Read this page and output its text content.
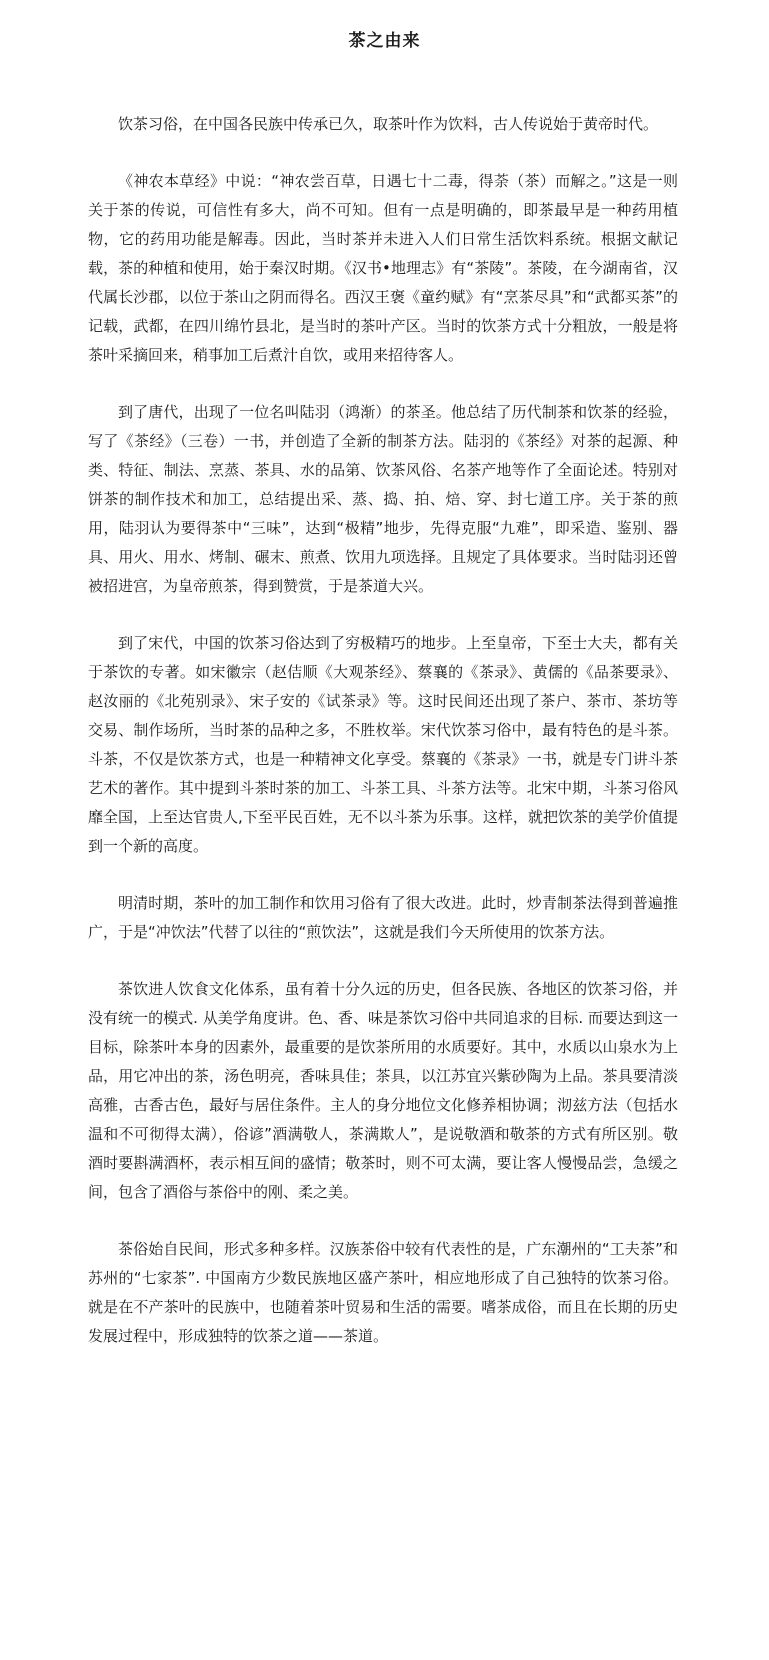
茶之由来

饮茶习俗，在中国各民族中传承已久，取茶叶作为饮料，古人传说始于黄帝时代。

《神农本草经》中说：“神农尝百草，日遇七十二毒，得荼（茶）而解之。”这是一则关于茶的传说，可信性有多大，尚不可知。但有一点是明确的，即茶最早是一种药用植物，它的药用功能是解毒。因此，当时茶并未进入人们日常生活饮料系统。根据文献记载，茶的种植和使用，始于秦汉时期。《汉书•地理志》有“茶陵”。茶陵，在今湖南省，汉代属长沙郡，以位于茶山之阴而得名。西汉王褒《童约赋》有“烹茶尽具”和“武都买茶”的记载，武都，在四川绵竹县北，是当时的茶叶产区。当时的饮茶方式十分粗放，一般是将茶叶采摘回来，稍事加工后煮汁自饮，或用来招待客人。

到了唐代，出现了一位名叫陆羽（鸿渐）的茶圣。他总结了历代制茶和饮茶的经验，写了《茶经》（三卷）一书，并创造了全新的制茶方法。陆羽的《茶经》对茶的起源、种类、特征、制法、烹蒸、茶具、水的品第、饮茶风俗、名茶产地等作了全面论述。特别对饼茶的制作技术和加工，总结提出采、蒸、捣、拍、焙、穿、封七道工序。关于茶的煎用，陆羽认为要得茶中“三味”，达到“极精”地步，先得克服“九难”，即采造、鉴别、器具、用火、用水、烤制、碾末、煎煮、饮用九项选择。且规定了具体要求。当时陆羽还曾被招进宫，为皇帝煎茶，得到赞赏，于是茶道大兴。

到了宋代，中国的饮茶习俗达到了穷极精巧的地步。上至皇帝，下至士大夫，都有关于茶饮的专著。如宋徽宗（赵佶顺《大观茶经》、蔡襄的《茶录》、黄儒的《品茶要录》、赵汝丽的《北苑别录》、宋子安的《试茶录》等。这时民间还出现了茶户、茶市、茶坊等交易、制作场所，当时茶的品种之多，不胜枚举。宋代饮茶习俗中，最有特色的是斗茶。斗茶，不仅是饮茶方式，也是一种精神文化享受。蔡襄的《茶录》一书，就是专门讲斗茶艺术的著作。其中提到斗茶时茶的加工、斗茶工具、斗茶方法等。北宋中期，斗茶习俗风靡全国，上至达官贵人,下至平民百姓，无不以斗茶为乐事。这样，就把饮茶的美学价值提到一个新的高度。

明清时期，茶叶的加工制作和饮用习俗有了很大改进。此时，炒青制茶法得到普遍推广，于是“冲饮法”代替了以往的“煎饮法”，这就是我们今天所使用的饮茶方法。

茶饮进人饮食文化体系，虽有着十分久远的历史，但各民族、各地区的饮茶习俗，并没有统一的模式. 从美学角度讲。色、香、味是茶饮习俗中共同追求的目标. 而要达到这一目标，除茶叶本身的因素外，最重要的是饮茶所用的水质要好。其中，水质以山泉水为上品，用它冲出的茶，汤色明亮，香味具佳；茶具，以江苏宜兴紫砂陶为上品。茶具要清淡高雅，古香古色，最好与居住条件。主人的身分地位文化修养相协调；沏兹方法（包括水温和不可彻得太满），俗谚”酒满敬人，茶满欺人”，是说敬酒和敬茶的方式有所区别。敬酒时要斟满酒杯，表示相互间的盛情；敬茶时，则不可太满，要让客人慢慢品尝，急缓之间，包含了酒俗与茶俗中的刚、柔之美。

茶俗始自民间，形式多种多样。汉族茶俗中较有代表性的是，广东潮州的“工夫茶”和苏州的“七家茶”. 中国南方少数民族地区盛产茶叶，相应地形成了自己独特的饮茶习俗。就是在不产茶叶的民族中，也随着茶叶贸易和生活的需要。嗜茶成俗，而且在长期的历史发展过程中，形成独特的饮茶之道——茶道。
